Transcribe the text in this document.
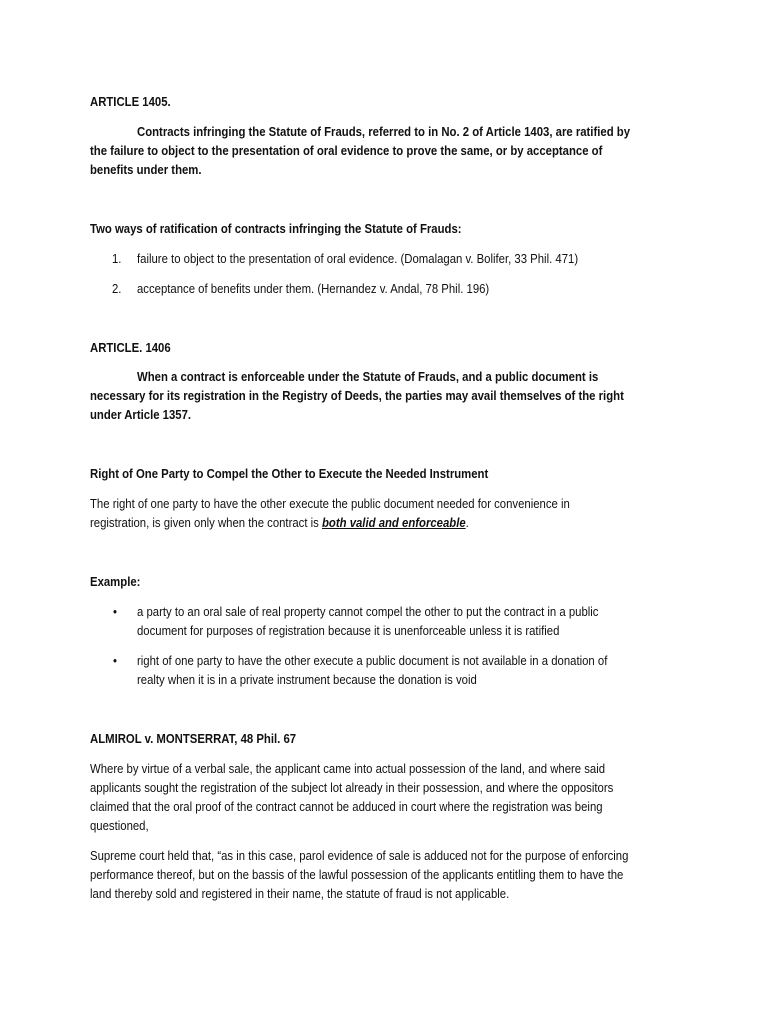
ARTICLE 1405.
Contracts infringing the Statute of Frauds, referred to in No. 2 of Article 1403, are ratified by
the failure to object to the presentation of oral evidence to prove the same, or by acceptance of
benefits under them.
Two ways of ratification of contracts infringing the Statute of Frauds:
1. failure to object to the presentation of oral evidence. (Domalagan v. Bolifer, 33 Phil. 471)
2. acceptance of benefits under them. (Hernandez v. Andal, 78 Phil. 196)
ARTICLE. 1406
When a contract is enforceable under the Statute of Frauds, and a public document is
necessary for its registration in the Registry of Deeds, the parties may avail themselves of the right
under Article 1357.
Right of One Party to Compel the Other to Execute the Needed Instrument
The right of one party to have the other execute the public document needed for convenience in
registration, is given only when the contract is both valid and enforceable.
Example:
• a party to an oral sale of real property cannot compel the other to put the contract in a public
document for purposes of registration because it is unenforceable unless it is ratified
• right of one party to have the other execute a public document is not available in a donation of
realty when it is in a private instrument because the donation is void
ALMIROL v. MONTSERRAT, 48 Phil. 67
Where by virtue of a verbal sale, the applicant came into actual possession of the land, and where said
applicants sought the registration of the subject lot already in their possession, and where the oppositors
claimed that the oral proof of the contract cannot be adduced in court where the registration was being
questioned,
Supreme court held that, “as in this case, parol evidence of sale is adduced not for the purpose of enforcing
performance thereof, but on the bassis of the lawful possession of the applicants entitling them to have the
land thereby sold and registered in their name, the statute of fraud is not applicable.
